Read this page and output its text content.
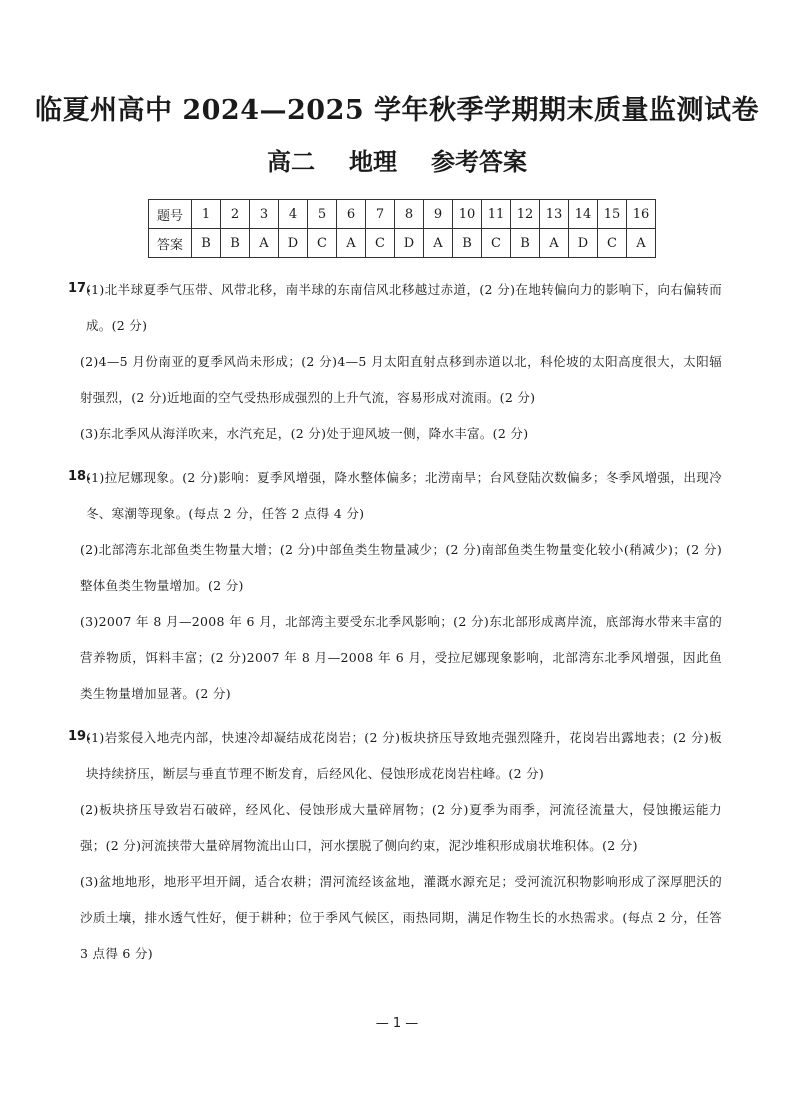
临夏州高中 2024—2025 学年秋季学期期末质量监测试卷
高二 地理 参考答案
题号	1	2	3	4	5	6	7	8	9	10	11	12	13	14	15	16
答案	B	B	A	D	C	A	C	D	A	B	C	B	A	D	C	A
17.
(1)北半球夏季气压带、风带北移，南半球的东南信风北移越过赤道，(2 分)在地转偏向力的影响下，向右偏转而成。(2 分)
(2)4—5 月份南亚的夏季风尚未形成；(2 分)4—5 月太阳直射点移到赤道以北，科伦坡的太阳高度很大，太阳辐射强烈，(2 分)近地面的空气受热形成强烈的上升气流，容易形成对流雨。(2 分)
(3)东北季风从海洋吹来，水汽充足，(2 分)处于迎风坡一侧，降水丰富。(2 分)
18.
(1)拉尼娜现象。(2 分)影响：夏季风增强，降水整体偏多；北涝南旱；台风登陆次数偏多；冬季风增强，出现冷冬、寒潮等现象。(每点 2 分，任答 2 点得 4 分)
(2)北部湾东北部鱼类生物量大增；(2 分)中部鱼类生物量减少；(2 分)南部鱼类生物量变化较小(稍减少)；(2 分)整体鱼类生物量增加。(2 分)
(3)2007 年 8 月—2008 年 6 月，北部湾主要受东北季风影响；(2 分)东北部形成离岸流，底部海水带来丰富的营养物质，饵料丰富；(2 分)2007 年 8 月—2008 年 6 月，受拉尼娜现象影响，北部湾东北季风增强，因此鱼类生物量增加显著。(2 分)
19.
(1)岩浆侵入地壳内部，快速冷却凝结成花岗岩；(2 分)板块挤压导致地壳强烈隆升，花岗岩出露地表；(2 分)板块持续挤压，断层与垂直节理不断发育，后经风化、侵蚀形成花岗岩柱峰。(2 分)
(2)板块挤压导致岩石破碎，经风化、侵蚀形成大量碎屑物；(2 分)夏季为雨季，河流径流量大，侵蚀搬运能力强；(2 分)河流挟带大量碎屑物流出山口，河水摆脱了侧向约束，泥沙堆积形成扇状堆积体。(2 分)
(3)盆地地形，地形平坦开阔，适合农耕；渭河流经该盆地，灌溉水源充足；受河流沉积物影响形成了深厚肥沃的沙质土壤，排水透气性好，便于耕种；位于季风气候区，雨热同期，满足作物生长的水热需求。(每点 2 分，任答 3 点得 6 分)
— 1 —
